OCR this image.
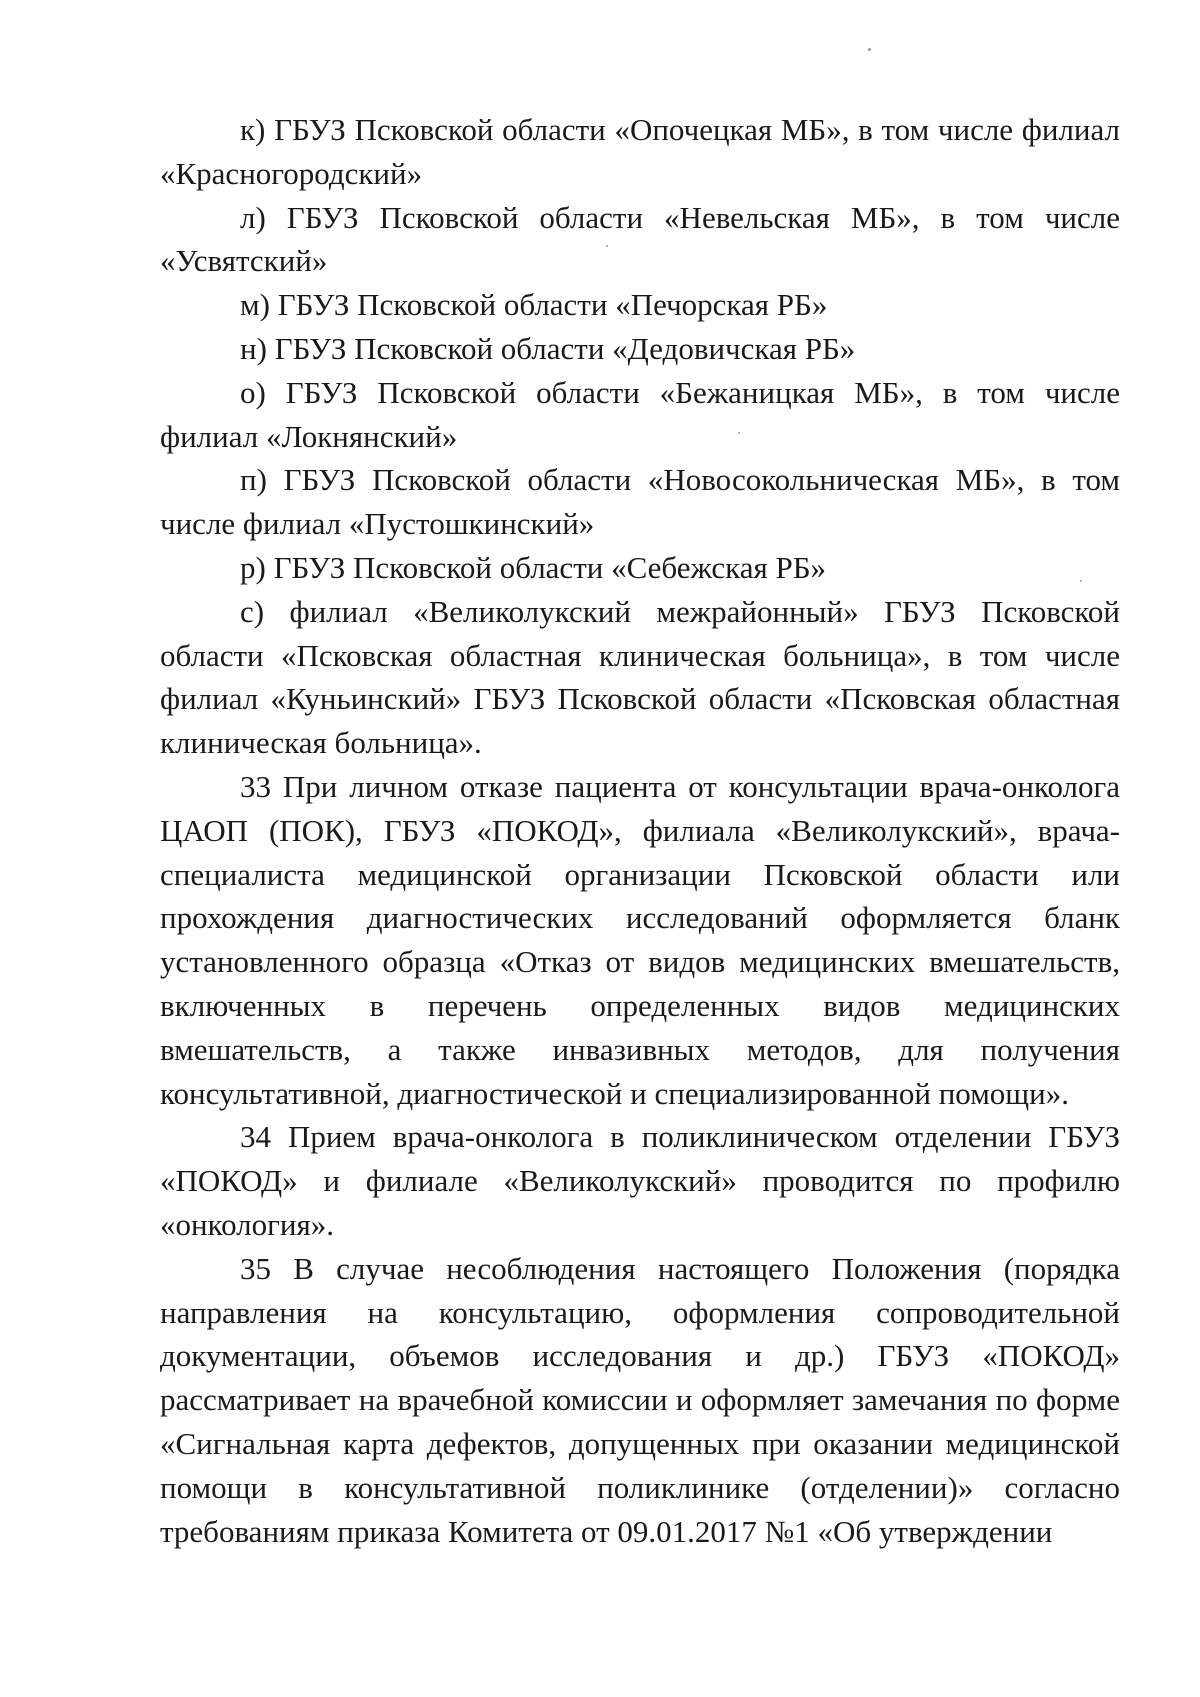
к) ГБУЗ Псковской области «Опочецкая МБ», в том числе филиал «Красногородский»

л) ГБУЗ Псковской области «Невельская МБ», в том числе «Усвятский»

м) ГБУЗ Псковской области «Печорская РБ»

н) ГБУЗ Псковской области «Дедовичская РБ»

о) ГБУЗ Псковской области «Бежаницкая МБ», в том числе филиал «Локнянский»

п) ГБУЗ Псковской области «Новосокольническая МБ», в том числе филиал «Пустошкинский»

р) ГБУЗ Псковской области «Себежская РБ»

с) филиал «Великолукский межрайонный» ГБУЗ Псковской области «Псковская областная клиническая больница», в том числе филиал «Куньинский» ГБУЗ Псковской области «Псковская областная клиническая больница».

33 При личном отказе пациента от консультации врача-онколога ЦАОП (ПОК), ГБУЗ «ПОКОД», филиала «Великолукский», врача-специалиста медицинской организации Псковской области или прохождения диагностических исследований оформляется бланк установленного образца «Отказ от видов медицинских вмешательств, включенных в перечень определенных видов медицинских вмешательств, а также инвазивных методов, для получения консультативной, диагностической и специализированной помощи».

34 Прием врача-онколога в поликлиническом отделении ГБУЗ «ПОКОД» и филиале «Великолукский» проводится по профилю «онкология».

35 В случае несоблюдения настоящего Положения (порядка направления на консультацию, оформления сопроводительной документации, объемов исследования и др.) ГБУЗ «ПОКОД» рассматривает на врачебной комиссии и оформляет замечания по форме «Сигнальная карта дефектов, допущенных при оказании медицинской помощи в консультативной поликлинике (отделении)» согласно требованиям приказа Комитета от 09.01.2017 №1 «Об утверждении
